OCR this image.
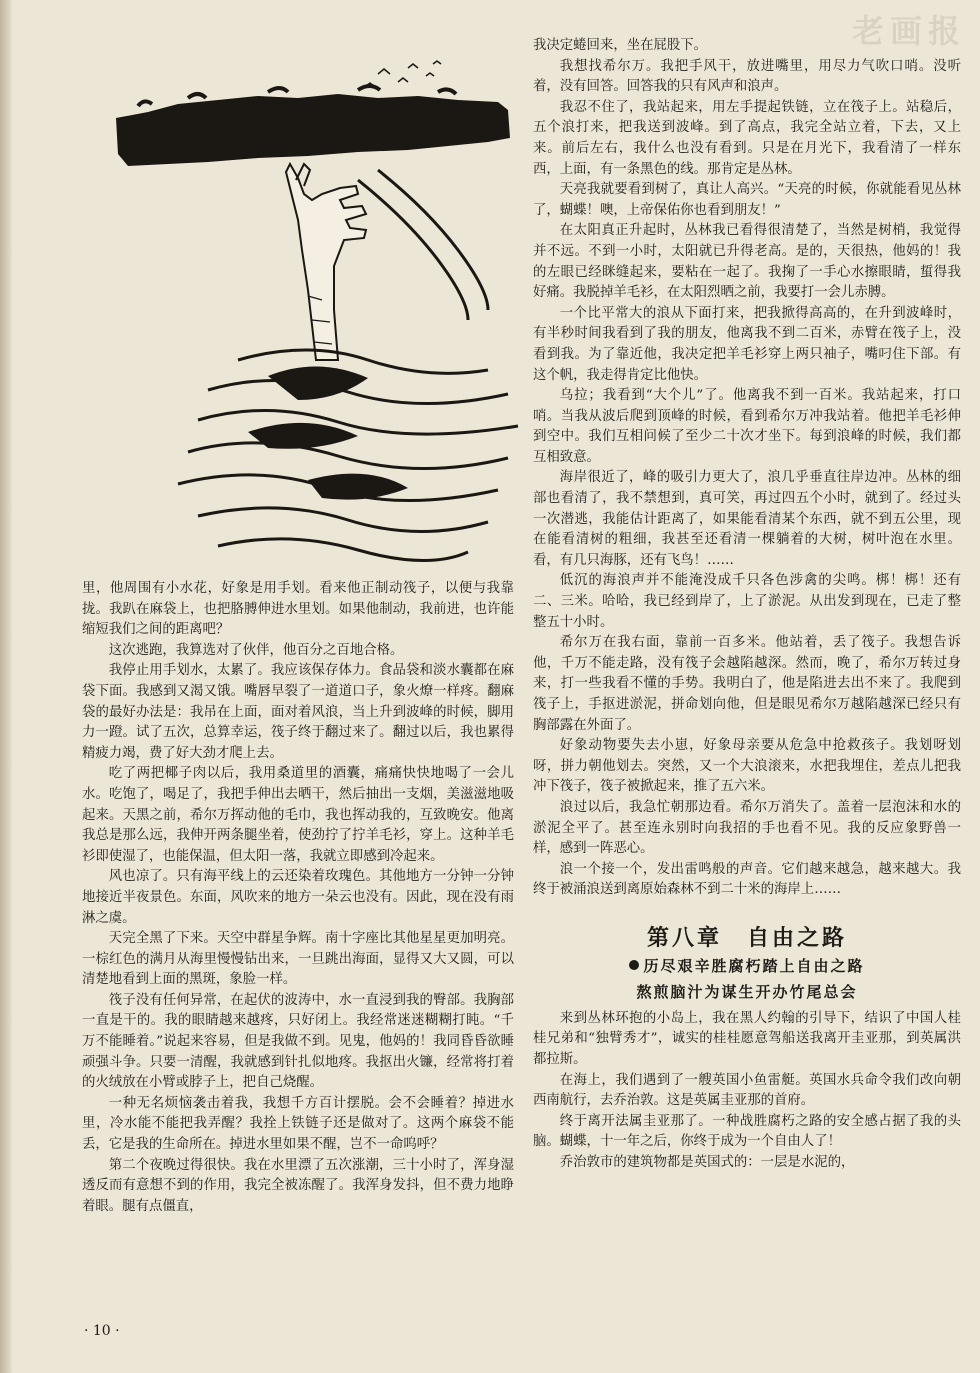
老画报

里，他周围有小水花，好象是用手划。看来他正制动筏子，以便与我靠拢。我趴在麻袋上，也把胳膊伸进水里划。如果他制动，我前进，也许能缩短我们之间的距离吧？

这次逃跑，我算选对了伙伴，他百分之百地合格。

我停止用手划水，太累了。我应该保存体力。食品袋和淡水囊都在麻袋下面。我感到又渴又饿。嘴唇早裂了一道道口子，象火燎一样疼。翻麻袋的最好办法是：我吊在上面，面对着风浪，当上升到波峰的时候，脚用力一蹬。试了五次，总算幸运，筏子终于翻过来了。翻过以后，我也累得精疲力竭，费了好大劲才爬上去。

吃了两把椰子肉以后，我用桑道里的酒囊，痛痛快快地喝了一会儿水。吃饱了，喝足了，我把手伸出去晒干，然后抽出一支烟，美滋滋地吸起来。天黑之前，希尔万挥动他的毛巾，我也挥动我的，互致晚安。他离我总是那么远，我伸开两条腿坐着，使劲拧了拧羊毛衫，穿上。这种羊毛衫即使湿了，也能保温，但太阳一落，我就立即感到冷起来。

风也凉了。只有海平线上的云还染着玫瑰色。其他地方一分钟一分钟地接近半夜景色。东面，风吹来的地方一朵云也没有。因此，现在没有雨淋之虞。

天完全黑了下来。天空中群星争辉。南十字座比其他星星更加明亮。一棕红色的满月从海里慢慢钻出来，一旦跳出海面，显得又大又圆，可以清楚地看到上面的黑斑，象脸一样。

筏子没有任何异常，在起伏的波涛中，水一直浸到我的臀部。我胸部一直是干的。我的眼睛越来越疼，只好闭上。我经常迷迷糊糊打盹。“千万不能睡着。”说起来容易，但是我做不到。见鬼，他妈的！我同昏昏欲睡顽强斗争。只要一清醒，我就感到针扎似地疼。我抠出火镰，经常将打着的火绒放在小臂或脖子上，把自己烧醒。

一种无名烦恼袭击着我，我想千方百计摆脱。会不会睡着？掉进水里，冷水能不能把我弄醒？我拴上铁链子还是做对了。这两个麻袋不能丢，它是我的生命所在。掉进水里如果不醒，岂不一命呜呼？

第二个夜晚过得很快。我在水里漂了五次涨潮，三十小时了，浑身湿透反而有意想不到的作用，我完全被冻醒了。我浑身发抖，但不费力地睁着眼。腿有点僵直，

我决定蜷回来，坐在屁股下。

我想找希尔万。我把手风干，放进嘴里，用尽力气吹口哨。没听着，没有回答。回答我的只有风声和浪声。

我忍不住了，我站起来，用左手提起铁链，立在筏子上。站稳后，五个浪打来，把我送到波峰。到了高点，我完全站立着，下去，又上来。前后左右，我什么也没有看到。只是在月光下，我看清了一样东西，上面，有一条黑色的线。那肯定是丛林。

天亮我就要看到树了，真让人高兴。“天亮的时候，你就能看见丛林了，蝴蝶！噢，上帝保佑你也看到朋友！”

在太阳真正升起时，丛林我已看得很清楚了，当然是树梢，我觉得并不远。不到一小时，太阳就已升得老高。是的，天很热，他妈的！我的左眼已经眯缝起来，要粘在一起了。我掬了一手心水擦眼睛，蜇得我好痛。我脱掉羊毛衫，在太阳烈晒之前，我要打一会儿赤膊。

一个比平常大的浪从下面打来，把我掀得高高的，在升到波峰时，有半秒时间我看到了我的朋友，他离我不到二百米，赤臂在筏子上，没看到我。为了靠近他，我决定把羊毛衫穿上两只袖子，嘴叼住下部。有这个帆，我走得肯定比他快。

乌拉；我看到“大个儿”了。他离我不到一百米。我站起来，打口哨。当我从波后爬到顶峰的时候，看到希尔万冲我站着。他把羊毛衫伸到空中。我们互相问候了至少二十次才坐下。每到浪峰的时候，我们都互相致意。

海岸很近了，峰的吸引力更大了，浪几乎垂直往岸边冲。丛林的细部也看清了，我不禁想到，真可笑，再过四五个小时，就到了。经过头一次潜逃，我能估计距离了，如果能看清某个东西，就不到五公里，现在能看清树的粗细，我甚至还看清一棵躺着的大树，树叶泡在水里。看，有几只海豚，还有飞鸟！……

低沉的海浪声并不能淹没成千只各色涉禽的尖鸣。梆！梆！还有二、三米。哈哈，我已经到岸了，上了淤泥。从出发到现在，已走了整整五十小时。

希尔万在我右面，靠前一百多米。他站着，丢了筏子。我想告诉他，千万不能走路，没有筏子会越陷越深。然而，晚了，希尔万转过身来，打一些我看不懂的手势。我明白了，他是陷进去出不来了。我爬到筏子上，手抠进淤泥，拼命划向他，但是眼见希尔万越陷越深已经只有胸部露在外面了。

好象动物要失去小崽，好象母亲要从危急中抢救孩子。我划呀划呀，拼力朝他划去。突然，又一个大浪滚来，水把我埋住，差点儿把我冲下筏子，筏子被掀起来，推了五六米。

浪过以后，我急忙朝那边看。希尔万消失了。盖着一层泡沫和水的淤泥全平了。甚至连永别时向我招的手也看不见。我的反应象野兽一样，感到一阵恶心。

浪一个接一个，发出雷鸣般的声音。它们越来越急，越来越大。我终于被涌浪送到离原始森林不到二十米的海岸上……

第八章　自由之路
历尽艰辛胜腐朽踏上自由之路
熬煎脑汁为谋生开办竹尾总会

来到丛林环抱的小岛上，我在黑人约翰的引导下，结识了中国人桂桂兄弟和“独臂秀才”，诚实的桂桂愿意驾船送我离开圭亚那，到英属洪都拉斯。

在海上，我们遇到了一艘英国小鱼雷艇。英国水兵命令我们改向朝西南航行，去乔治敦。这是英属圭亚那的首府。

终于离开法属圭亚那了。一种战胜腐朽之路的安全感占据了我的头脑。蝴蝶，十一年之后，你终于成为一个自由人了！

乔治敦市的建筑物都是英国式的：一层是水泥的，

· 10 ·
